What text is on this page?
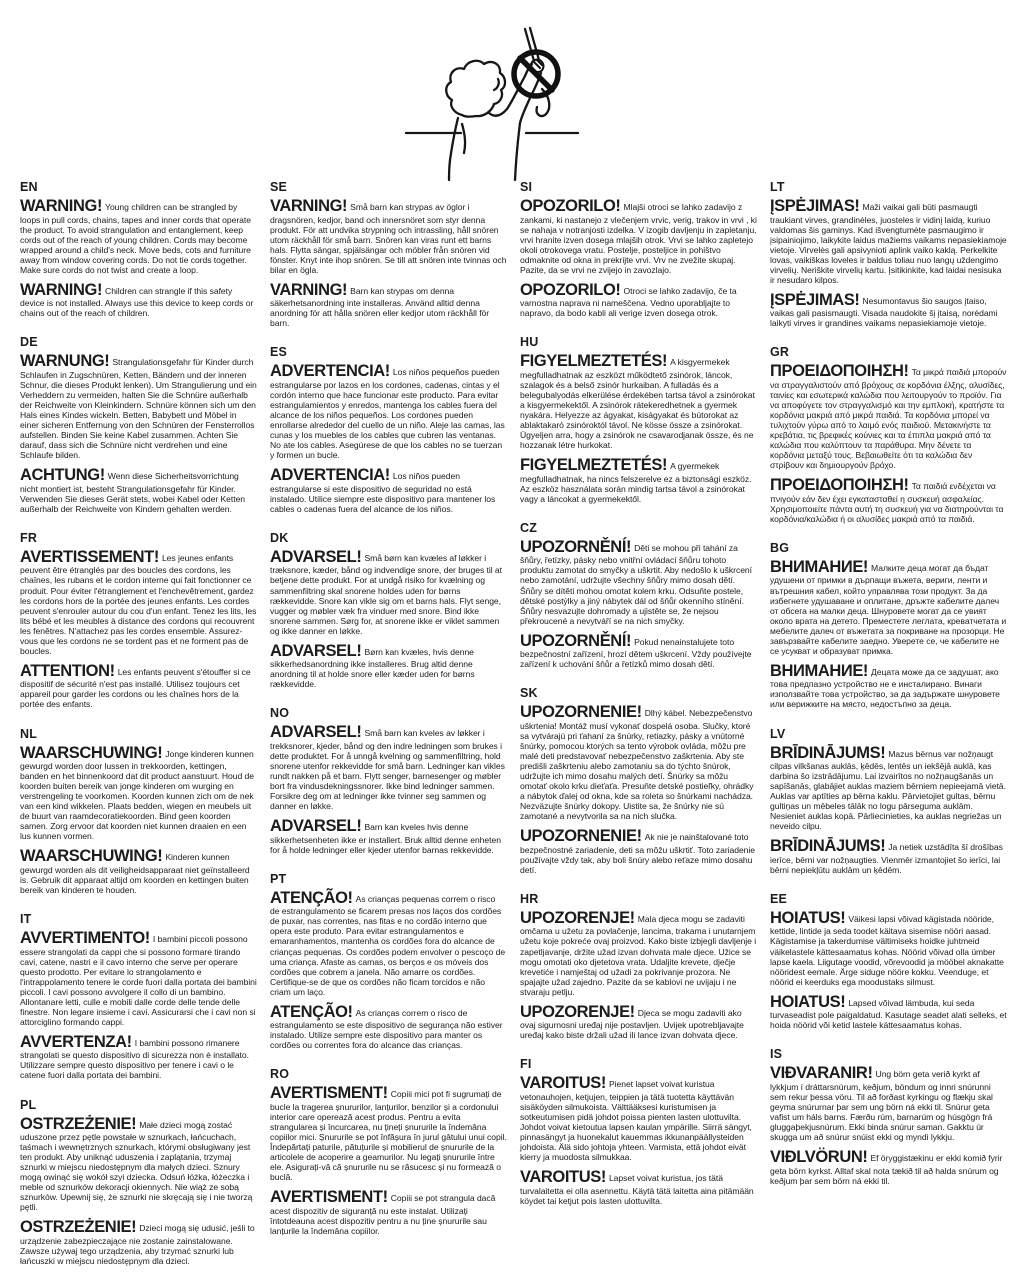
EN

WARNING! Young children can be strangled by loops in pull cords, chains, tapes and inner cords that operate the product. To avoid strangulation and entanglement, keep cords out of the reach of young children. Cords may become wrapped around a child's neck. Move beds, cots and furniture away from window covering cords. Do not tie cords together. Make sure cords do not twist and create a loop.

WARNING! Children can strangle if this safety device is not installed. Always use this device to keep cords or chains out of the reach of children.

DE

WARNUNG! Strangulationsgefahr für Kinder durch Schlaufen in Zugschnüren, Ketten, Bändern und der inneren Schnur, die dieses Produkt lenken). Um Strangulierung und ein Verheddern zu vermeiden, halten Sie die Schnüre außerhalb der Reichweite von Kleinkindern. Schnüre können sich um den Hals eines Kindes wickeln. Betten, Babybett und Möbel in einer sicheren Entfernung von den Schnüren der Fensterrollos aufstellen. Binden Sie keine Kabel zusammen. Achten Sie darauf, dass sich die Schnüre nicht verdrehen und eine Schlaufe bilden.

ACHTUNG! Wenn diese Sicherheitsvorrichtung nicht montiert ist, besteht Strangulationsgefahr für Kinder. Verwenden Sie dieses Gerät stets, wobei Kabel oder Ketten außerhalb der Reichweite von Kindern gehalten werden.

FR

AVERTISSEMENT! Les jeunes enfants peuvent être étranglés par des boucles des cordons, les chaînes, les rubans et le cordon interne qui fait fonctionner ce produit. Pour éviter l'étranglement et l'enchevêtrement, gardez les cordons hors de la portée des jeunes enfants. Les cordes peuvent s'enrouler autour du cou d'un enfant. Tenez les lits, les lits bébé et les meubles à distance des cordons qui recouvrent les fenêtres. N'attachez pas les cordes ensemble. Assurez-vous que les cordons ne se tordent pas et ne forment pas de boucles.

ATTENTION! Les enfants peuvent s'étouffer si ce dispositif de sécurité n'est pas installé. Utilisez toujours cet appareil pour garder les cordons ou les chaînes hors de la portée des enfants.

NL

WAARSCHUWING! Jonge kinderen kunnen gewurgd worden door lussen in trekkoorden, kettingen, banden en het binnenkoord dat dit product aanstuurt. Houd de koorden buiten bereik van jonge kinderen om wurging en verstrengeling te voorkomen. Koorden kunnen zich om de nek van een kind wikkelen. Plaats bedden, wiegen en meubels uit de buurt van raamdecoratiekoorden. Bind geen koorden samen. Zorg ervoor dat koorden niet kunnen draaien en een lus kunnen vormen.

WAARSCHUWING! Kinderen kunnen gewurgd worden als dit veiligheidsapparaat niet geïnstalleerd is. Gebruik dit apparaat altijd om koorden en kettingen buiten bereik van kinderen te houden.

IT

AVVERTIMENTO! I bambini piccoli possono essere strangolati da cappi che si possono formare tirando cavi, catene, nastri e il cavo interno che serve per operare questo prodotto. Per evitare lo strangolamento e l'intrappolamento tenere le corde fuori dalla portata dei bambini piccoli. I cavi possono avvolgere il collo di un bambino. Allontanare letti, culle e mobili dalle corde delle tende delle finestre. Non legare insieme i cavi. Assicurarsi che i cavi non si attorciglino formando cappi.

AVVERTENZA! I bambini possono rimanere strangolati se questo dispositivo di sicurezza non è installato. Utilizzare sempre questo dispositivo per tenere i cavi o le catene fuori dalla portata dei bambini.

PL

OSTRZEŻENIE! Małe dzieci mogą zostać uduszone przez pętle powstałe w sznurkach, łańcuchach, taśmach i wewnętrznych sznurkach, którymi obsługiwany jest ten produkt. Aby uniknąć uduszenia i zaplątania, trzymaj sznurki w miejscu niedostępnym dla małych dzieci. Sznury mogą owinąć się wokół szyi dziecka. Odsuń łóżka, łóżeczka i meble od sznurków dekoracji okiennych. Nie wiąż ze sobą sznurków. Upewnij się, że sznurki nie skręcają się i nie tworzą pętli.

OSTRZEŻENIE! Dzieci mogą się udusić, jeśli to urządzenie zabezpieczające nie zostanie zainstalowane. Zawsze używaj tego urządzenia, aby trzymać sznurki lub łańcuszki w miejscu niedostępnym dla dzieci.

SE

VARNING! Små barn kan strypas av öglor i dragsnören, kedjor, band och innersnöret som styr denna produkt. För att undvika strypning och intrassling, håll snören utom räckhåll för små barn. Snören kan viras runt ett barns hals. Flytta sängar, spjälsängar och möbler från snören vid fönster. Knyt inte ihop snören. Se till att snören inte tvinnas och bilar en ögla.

VARNING! Barn kan strypas om denna säkerhetsanordning inte installeras. Använd alltid denna anordning för att hålla snören eller kedjor utom räckhåll för barn.

ES

ADVERTENCIA! Los niños pequeños pueden estrangularse por lazos en los cordones, cadenas, cintas y el cordón interno que hace funcionar este producto. Para evitar estrangulamientos y enredos, mantenga los cables fuera del alcance de los niños pequeños. Los cordones pueden enrollarse alrededor del cuello de un niño. Aleje las camas, las cunas y los muebles de los cables que cubren las ventanas. No ate los cables. Asegúrese de que los cables no se tuerzan y formen un bucle.

ADVERTENCIA! Los niños pueden estrangularse si este dispositivo de seguridad no está instalado. Utilice siempre este dispositivo para mantener los cables o cadenas fuera del alcance de los niños.

DK

ADVARSEL! Små børn kan kvæles af løkker i træksnore, kæder, bånd og indvendige snore, der bruges til at betjene dette produkt. For at undgå risiko for kvælning og sammenfiltring skal snorene holdes uden for børns rækkevidde. Snore kan vikle sig om et barns hals. Flyt senge, vugger og møbler væk fra vinduer med snore. Bind ikke snorene sammen. Sørg for, at snorene ikke er viklet sammen og ikke danner en løkke.

ADVARSEL! Børn kan kvæles, hvis denne sikkerhedsanordning ikke installeres. Brug altid denne anordning til at holde snore eller kæder uden for børns rækkevidde.

NO

ADVARSEL! Små barn kan kveles av løkker i trekksnorer, kjeder, bånd og den indre ledningen som brukes i dette produktet. For å unngå kvelning og sammenfiltring, hold snorene utenfor rekkevidde for små barn. Ledninger kan vikles rundt nakken på et barn. Flytt senger, barnesenger og møbler bort fra vindusdekningssnorer. Ikke bind ledninger sammen. Forsikre deg om at ledninger ikke tvinner seg sammen og danner en løkke.

ADVARSEL! Barn kan kveles hvis denne sikkerhetsenheten ikke er installert. Bruk alltid denne enheten for å holde ledninger eller kjeder utenfor barnas rekkevidde.

PT

ATENÇÃO! As crianças pequenas correm o risco de estrangulamento se ficarem presas nos laços dos cordões de puxar, nas correntes, nas fitas e no cordão interno que opera este produto. Para evitar estrangulamentos e emaranhamentos, mantenha os cordões fora do alcance de crianças pequenas. Os cordões podem envolver o pescoço de uma criança. Afaste as camas, os berços e os móveis dos cordões que cobrem a janela. Não amarre os cordões. Certifique-se de que os cordões não ficam torcidos e não criam um laço.

ATENÇÃO! As crianças correm o risco de estrangulamento se este dispositivo de segurança não estiver instalado. Utilize sempre este dispositivo para manter os cordões ou correntes fora do alcance das crianças.

RO

AVERTISMENT! Copiii mici pot fi sugrumați de bucle la tragerea șnururilor, lanțurilor, benzilor și a cordonului interior care operează acest produs. Pentru a evita strangularea și încurcarea, nu țineți șnururile la îndemâna copiilor mici. Șnururile se pot înfășura în jurul gâtului unui copil. Îndepărtați paturile, pătuțurile și mobilierul de șnururile de la articolele de acoperire a geamurilor. Nu legați șnururile între ele. Asigurați-vă că șnururile nu se răsucesc și nu formează o buclă.

AVERTISMENT! Copiii se pot strangula dacă acest dispozitiv de siguranță nu este instalat. Utilizați întotdeauna acest dispozitiv pentru a nu ține șnururile sau lanțurile la îndemâna copiilor.

SI

OPOZORILO! Mlajši otroci se lahko zadavijo z zankami, ki nastanejo z vlečenjem vrvic, verig, trakov in vrvi , ki se nahaja v notranjosti izdelka. V izogib davljenju in zapletanju, vrvi hranite izven dosega mlajših otrok. Vrvi se lahko zapletejo okoli otrokovega vratu. Postelje, posteljice in pohištvo odmaknite od okna in prekrijte vrvi. Vrv ne zvežite skupaj. Pazite, da se vrvi ne zvijejo in zavozlajo.

OPOZORILO! Otroci se lahko zadavijo, če ta varnostna naprava ni nameščena. Vedno uporabljajte to napravo, da bodo kabli ali verige izven dosega otrok.

HU

FIGYELMEZTETÉS! A kisgyermekek megfulladhatnak az eszközt működtető zsinórok, láncok, szalagok és a belső zsinór hurkaiban. A fulladás és a belegubalyodás elkerülése érdekében tartsa távol a zsinórokat a kisgyermekektől. A zsinórok rátekeredhetnek a gyermek nyakára. Helyezze az ágyakat, kiságyakat és bútorokat az ablaktakaró zsinóroktól távol. Ne kösse össze a zsinórokat. Ügyeljen arra, hogy a zsinórok ne csavarodjanak össze, és ne hozzanak létre hurkokat.

FIGYELMEZTETÉS! A gyermekek megfulladhatnak, ha nincs felszerelve ez a biztonsági eszköz. Az eszköz használata során mindig tartsa távol a zsinórokat vagy a láncokat a gyermekektől.

CZ

UPOZORNĚNÍ! Děti se mohou při tahání za šňůry, řetízky, pásky nebo vnitřní ovládací šňůru tohoto produktu zamotat do smyčky a uškrtit. Aby nedošlo k uškrcení nebo zamotání, udržujte všechny šňůry mimo dosah dětí. Šňůry se dítěti mohou omotat kolem krku. Odsuňte postele, dětské postýlky a jiný nábytek dál od šňůr okenního stínění. Šňůry nesvazujte dohromady a ujistěte se, že nejsou překroucené a nevytváří se na nich smyčky.

UPOZORNĚNÍ! Pokud nenainstalujete toto bezpečnostní zařízení, hrozí dětem uškrcení. Vždy používejte zařízení k uchování šňůr a řetízků mimo dosah dětí.

SK

UPOZORNENIE! Dlhý kábel. Nebezpečenstvo uškrtenia! Montáž musí vykonať dospelá osoba. Slučky, ktoré sa vytvárajú pri ťahaní za šnúrky, retiazky, pásky a vnútorné šnúrky, pomocou ktorých sa tento výrobok ovláda, môžu pre malé deti predstavovať nebezpečenstvo zaškrtenia. Aby ste predišli zaškrteniu alebo zamotaniu sa do týchto šnúrok, udržujte ich mimo dosahu malých detí. Šnúrky sa môžu omotať okolo krku dieťaťa. Presuňte detské postieľky, ohrádky a nábytok ďalej od okna, kde sa roleta so šnúrkami nachádza. Nezväzujte šnúrky dokopy. Uistite sa, že šnúrky nie sú zamotané a nevytvorila sa na nich slučka.

UPOZORNENIE! Ak nie je nainštalované toto bezpečnostné zariadenie, deti sa môžu uškrtiť. Toto zariadenie používajte vždy tak, aby boli šnúry alebo reťaze mimo dosahu detí.

HR

UPOZORENJE! Mala djeca mogu se zadaviti omčama u užetu za povlačenje, lancima, trakama i unutarnjem užetu koje pokreće ovaj proizvod. Kako biste izbjegli davljenje i zapetljavanje, držite užad izvan dohvata male djece. Užice se mogu omotati oko djetetova vrata. Udaljite krevete, dječje krevetiće i namještaj od užadi za pokrivanje prozora. Ne spajajte užad zajedno. Pazite da se kablovi ne uvijaju i ne stvaraju petlju.

UPOZORENJE! Djeca se mogu zadaviti ako ovaj sigurnosni uređaj nije postavljen. Uvijek upotrebljavajte uređaj kako biste držali užad ili lance izvan dohvata djece.

FI

VAROITUS! Pienet lapset voivat kuristua vetonauhojen, ketjujen, teippien ja tätä tuotetta käyttävän sisäköyden silmukoista. Välttääksesi kuristumisen ja sotkeutumisen pidä johdot poissa pienten lasten ulottuvilta. Johdot voivat kietoutua lapsen kaulan ympärille. Siirrä sängyt, pinnasängyt ja huonekalut kauemmas ikkunanpäällysteiden johdoista. Älä sido johtoja yhteen. Varmista, että johdot eivät kierry ja muodosta silmukkaa.

VAROITUS! Lapset voivat kuristua, jos tätä turvalaitetta ei olla asennettu. Käytä tätä laitetta aina pitämään köydet tai ketjut pois lasten ulottuvilta.

LT

ĮSPĖJIMAS! Maži vaikai gali būti pasmaugti traukiant virves, grandinėles, juosteles ir vidinį laidą, kuriuo valdomas šis gaminys. Kad išvengtumėte pasmaugimo ir įsipainiojimo, laikykite laidus mažiems vaikams nepasiekiamoje vietoje. Virvelės gali apsivynioti aplink vaiko kaklą. Perkelkite lovas, vaikiškas loveles ir baldus toliau nuo langų uždengimo virvelių. Neriškite virvelių kartu. Įsitikinkite, kad laidai nesisuka ir nesudaro kilpos.

ĮSPĖJIMAS! Nesumontavus šio saugos įtaiso, vaikas gali pasismaugti. Visada naudokite šį įtaisą, norėdami laikyti virves ir grandines vaikams nepasiekiamoje vietoje.

GR

ΠΡΟΕΙΔΟΠΟΙΗΣΗ! Τα μικρά παιδιά μπορούν να στραγγαλιστούν από βρόχους σε κορδόνια έλξης, αλυσίδες, ταινίες και εσωτερικά καλώδια που λειτουργούν το προϊόν. Για να αποφύγετε τον στραγγαλισμό και την εμπλοκή, κρατήστε τα κορδόνια μακριά από μικρά παιδιά. Τα κορδόνια μπορεί να τυλιχτούν γύρω από το λαιμό ενός παιδιού. Μετακινήστε τα κρεβάτια, τις βρεφικές κούνιες και τα έπιπλα μακριά από τα καλώδια που καλύπτουν τα παράθυρα. Μην δένετε τα κορδόνια μεταξύ τους. Βεβαιωθείτε ότι τα καλώδια δεν στρίβουν και δημιουργούν βρόχο.

ΠΡΟΕΙΔΟΠΟΙΗΣΗ! Τα παιδιά ενδέχεται να πνιγούν εάν δεν έχει εγκατασταθεί η συσκευή ασφαλείας. Χρησιμοποιείτε πάντα αυτή τη συσκευή για να διατηρούνται τα κορδόνια/καλώδια ή οι αλυσίδες μακριά από τα παιδιά.

BG

ВНИМАНИЕ! Малките деца могат да бъдат удушени от примки в дърпащи въжета, вериги, ленти и вътрешния кабел, който управлява този продукт. За да избегнете удушаване и оплитане, дръжте кабелите далеч от обсега на малки деца. Шнуровете могат да се увият около врата на детето. Преместете леглата, креватчетата и мебелите далеч от въжетата за покриване на прозорци. Не завързвайте кабелите заедно. Уверете се, че кабелите не се усукват и образуват примка.

ВНИМАНИЕ! Децата може да се задушат, ако това предпазно устройство не е инсталирано. Винаги използвайте това устройство, за да задържате шнуровете или верижките на място, недостъпно за деца.

LV

BRĪDINĀJUMS! Mazus bērnus var nožņaugt cilpas vilkšanas auklās, ķēdēs, lentēs un iekšējā auklā, kas darbina šo izstrādājumu. Lai izvairītos no nožņaugšanās un sapīšanās, glabājiet auklas maziem bērniem nepieejamā vietā. Auklas var aptīties ap bērna kaklu. Pārvietojiet gultas, bērnu gultiņas un mēbeles tālāk no logu pārseguma auklām. Nesieniet auklas kopā. Pārliecinieties, ka auklas negriežas un neveido cilpu.

BRĪDINĀJUMS! Ja netiek uzstādīta šī drošības ierīce, bērni var nožņaugties. Vienmēr izmantojiet šo ierīci, lai bērni nepiekļūtu auklām un ķēdēm.

EE

HOIATUS! Väikesi lapsi võivad kägistada nööride, kettide, lintide ja seda toodet käitava sisemise nööri aasad. Kägistamise ja takerdumise vältimiseks hoidke juhtmeid väikelastele kättesaamatus kohas. Nöörid võivad olla ümber lapse kaela. Liigutage voodid, võrevoodid ja mööbel aknakatte nööridest eemale. Ärge siduge nööre kokku. Veenduge, et nöörid ei keerduks ega moodustaks silmust.

HOIATUS! Lapsed võivad lämbuda, kui seda turvaseadist pole paigaldatud. Kasutage seadet alati selleks, et hoida nöörid või ketid lastele kättesaamatus kohas.

IS

VIÐVARANIR! Ung börn geta verið kyrkt af lykkjum í dráttarsnúrum, keðjum, böndum og innri snúrunni sem rekur þessa vöru. Til að forðast kyrkingu og flækju skal geyma snúrurnar þar sem ung börn ná ekki til. Snúrur geta vafist um háls barns. Færðu rúm, barnarúm og húsgögn frá gluggaþekjusnúrum. Ekki binda snúrur saman. Gakktu úr skugga um að snúrur snúist ekki og myndi lykkju.

VIÐLVÖRUN! Ef öryggistækinu er ekki komið fyrir geta börn kyrkst. Alltaf skal nota tækið til að halda snúrum og keðjum þar sem börn ná ekki til.
